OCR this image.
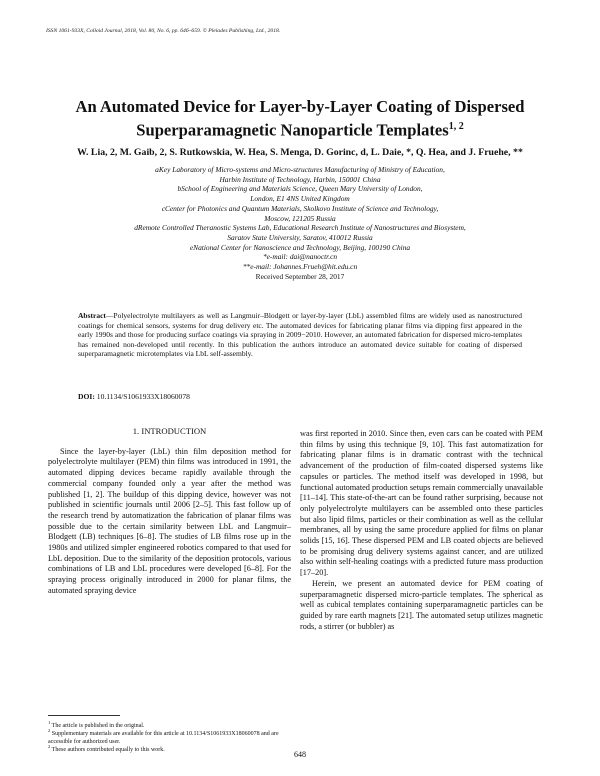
ISSN 1061-933X, Colloid Journal, 2018, Vol. 80, No. 6, pp. 646–659. © Pleiades Publishing, Ltd., 2018.
An Automated Device for Layer-by-Layer Coating of Dispersed
Superparamagnetic Nanoparticle Templates$^{1, 2}$
W. Lia, 2, M. Gaib, 2, S. Rutkowskia, W. Hea, S. Menga, D. Gorinc, d, L. Daie, *, Q. Hea, and J. Fruehe, **
aKey Laboratory of Micro-systems and Micro-structures Manufacturing of Ministry of Education,
Harbin Institute of Technology, Harbin, 150001 China
bSchool of Engineering and Materials Science, Queen Mary University of London,
London, E1 4NS United Kingdom
cCenter for Photonics and Quantum Materials, Skolkovo Institute of Science and Technology,
Moscow, 121205 Russia
dRemote Controlled Theranostic Systems Lab, Educational Research Institute of Nanostructures and Biosystem,
Saratov State University, Saratov, 410012 Russia
eNational Center for Nanoscience and Technology, Beijing, 100190 China
*e-mail: dai@nanoctr.cn
**e-mail: Johannes.Frueh@hit.edu.cn
Received September 28, 2017
Abstract—Polyelectrolyte multilayers as well as Langmuir–Blodgett or layer-by-layer (LbL) assembled films are widely used as nanostructured coatings for chemical sensors, systems for drug delivery etc. The automated devices for fabricating planar films via dipping first appeared in the early 1990s and those for producing surface coatings via spraying in 2009−2010. However, an automated fabrication for dispersed micro-templates has remained non-developed until recently. In this publication the authors introduce an automated device suitable for coating of dispersed superparamagnetic microtemplates via LbL self-assembly.
DOI: 10.1134/S1061933X18060078
1. INTRODUCTION

Since the layer-by-layer (LbL) thin film deposition method for polyelectrolyte multilayer (PEM) thin films was introduced in 1991, the automated dipping devices became rapidly available through the commercial company founded only a year after the method was published [1, 2]. The buildup of this dipping device, however was not published in scientific journals until 2006 [2–5]. This fast follow up of the research trend by automatization the fabrication of planar films was possible due to the certain similarity between LbL and Langmuir–Blodgett (LB) techniques [6–8]. The studies of LB films rose up in the 1980s and utilized simpler engineered robotics compared to that used for LbL deposition. Due to the similarity of the deposition protocols, various combinations of LB and LbL procedures were developed [6–8]. For the spraying process originally introduced in 2000 for planar films, the automated spraying device

was first reported in 2010. Since then, even cars can be coated with PEM thin films by using this technique [9, 10]. This fast automatization for fabricating planar films is in dramatic contrast with the technical advancement of the production of film-coated dispersed systems like capsules or particles. The method itself was developed in 1998, but functional automated production setups remain commercially unavailable [11–14]. This state-of-the-art can be found rather surprising, because not only polyelectrolyte multilayers can be assembled onto these particles but also lipid films, particles or their combination as well as the cellular membranes, all by using the same procedure applied for films on planar solids [15, 16]. These dispersed PEM and LB coated objects are believed to be promising drug delivery systems against cancer, and are utilized also within self-healing coatings with a predicted future mass production [17–20].

Herein, we present an automated device for PEM coating of superparamagnetic dispersed micro-particle templates. The spherical as well as cubical templates containing superparamagnetic particles can be guided by rare earth magnets [21]. The automated setup utilizes magnetic rods, a stirrer (or bubbler) as

$^1$ The article is published in the original.
$^2$ Supplementary materials are available for this article at 10.1134/S1061933X18060078 and are accessible for authorized user.
$^2$ These authors contributed equally to this work.	648
